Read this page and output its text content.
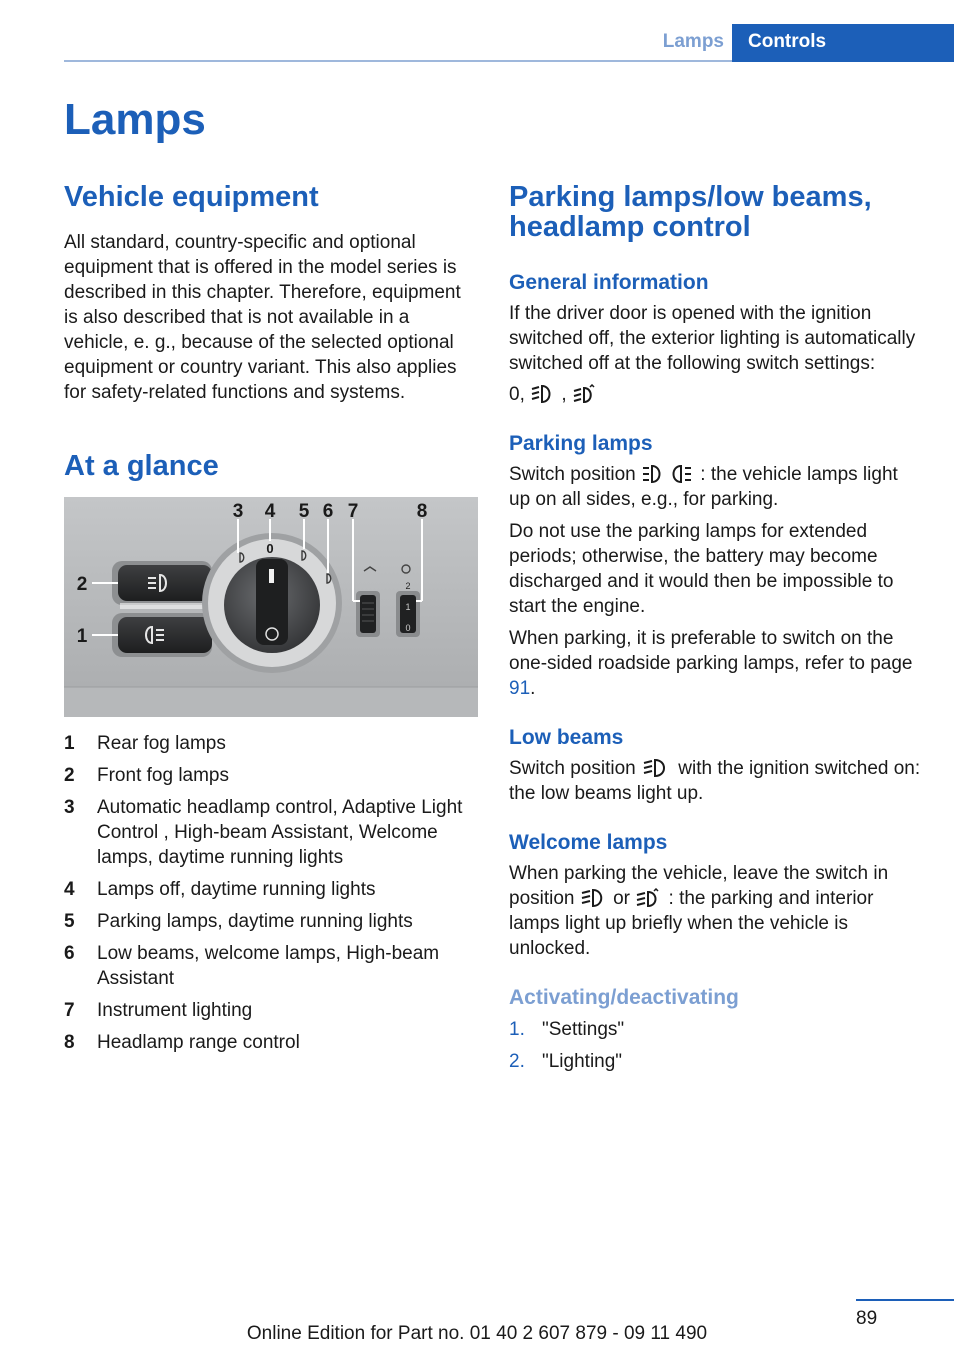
Lamps	Controls
Lamps
Vehicle equipment

All standard, country-specific and optional equipment that is offered in the model series is described in this chapter. Therefore, equipment is also described that is not available in a vehicle, e. g., because of the selected optional equipment or country variant. This also applies for safety-related functions and systems.

At a glance
0
2
1
0
3 4 5 6 7	8
2
1
1	Rear fog lamps
2	Front fog lamps
3	Automatic headlamp control, Adaptive Light Control , High-beam Assistant, Welcome lamps, daytime running lights
4	Lamps off, daytime running lights
5	Parking lamps, daytime running lights
6	Low beams, welcome lamps, High-beam Assistant
7	Instrument lighting
8	Headlamp range control
Parking lamps/low beams, headlamp control
General information

If the driver door is opened with the ignition switched off, the exterior lighting is automatically switched off at the following switch settings:

0, ,

Parking lamps

Switch position	: the vehicle lamps light up on all sides, e.g., for parking.

Do not use the parking lamps for extended periods; otherwise, the battery may become discharged and it would then be impossible to start the engine.

When parking, it is preferable to switch on the one-sided roadside parking lamps, refer to page 91.

Low beams

Switch position with the ignition switched on: the low beams light up.

Welcome lamps

When parking the vehicle, leave the switch in position or : the parking and interior lamps light up briefly when the vehicle is unlocked.

Activating/deactivating
1. "Settings"
2. "Lighting"
89
Online Edition for Part no. 01 40 2 607 879 - 09 11 490
